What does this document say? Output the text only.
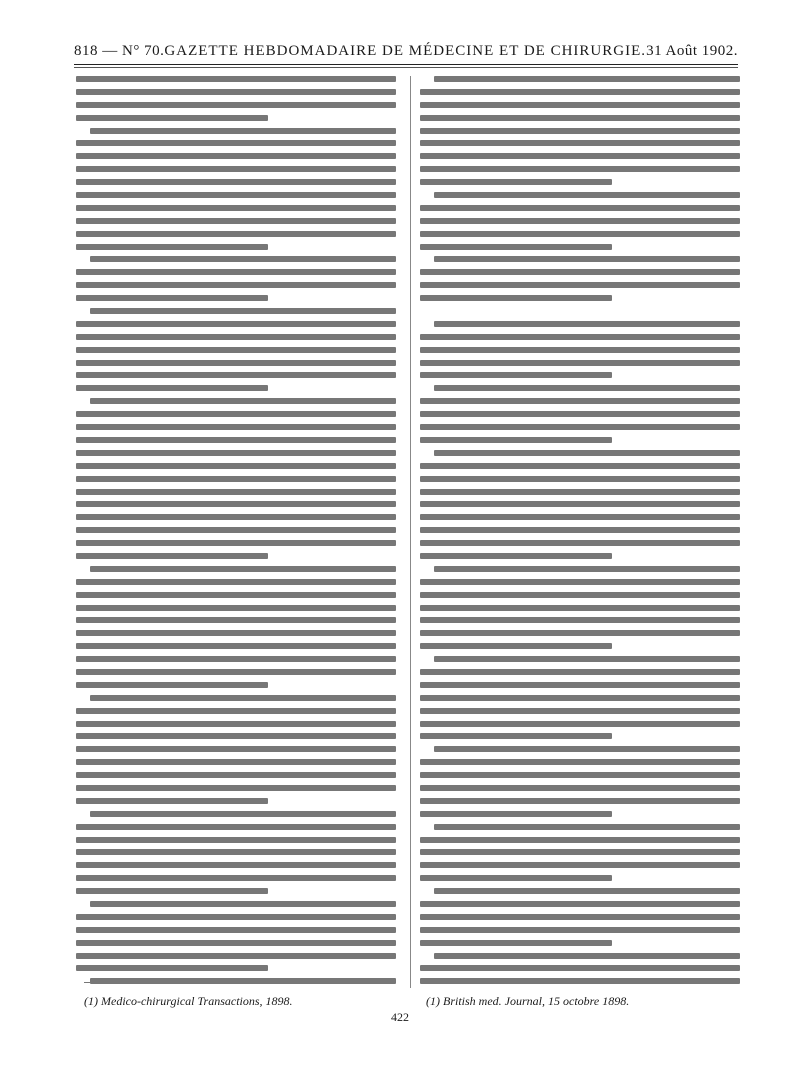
818 — N° 70. GAZETTE HEBDOMADAIRE DE MÉDECINE ET DE CHIRURGIE. 31 Août 1902.
(1) Medico-chirurgical Transactions, 1898.	(1) British med. Journal, 15 octobre 1898.
422
